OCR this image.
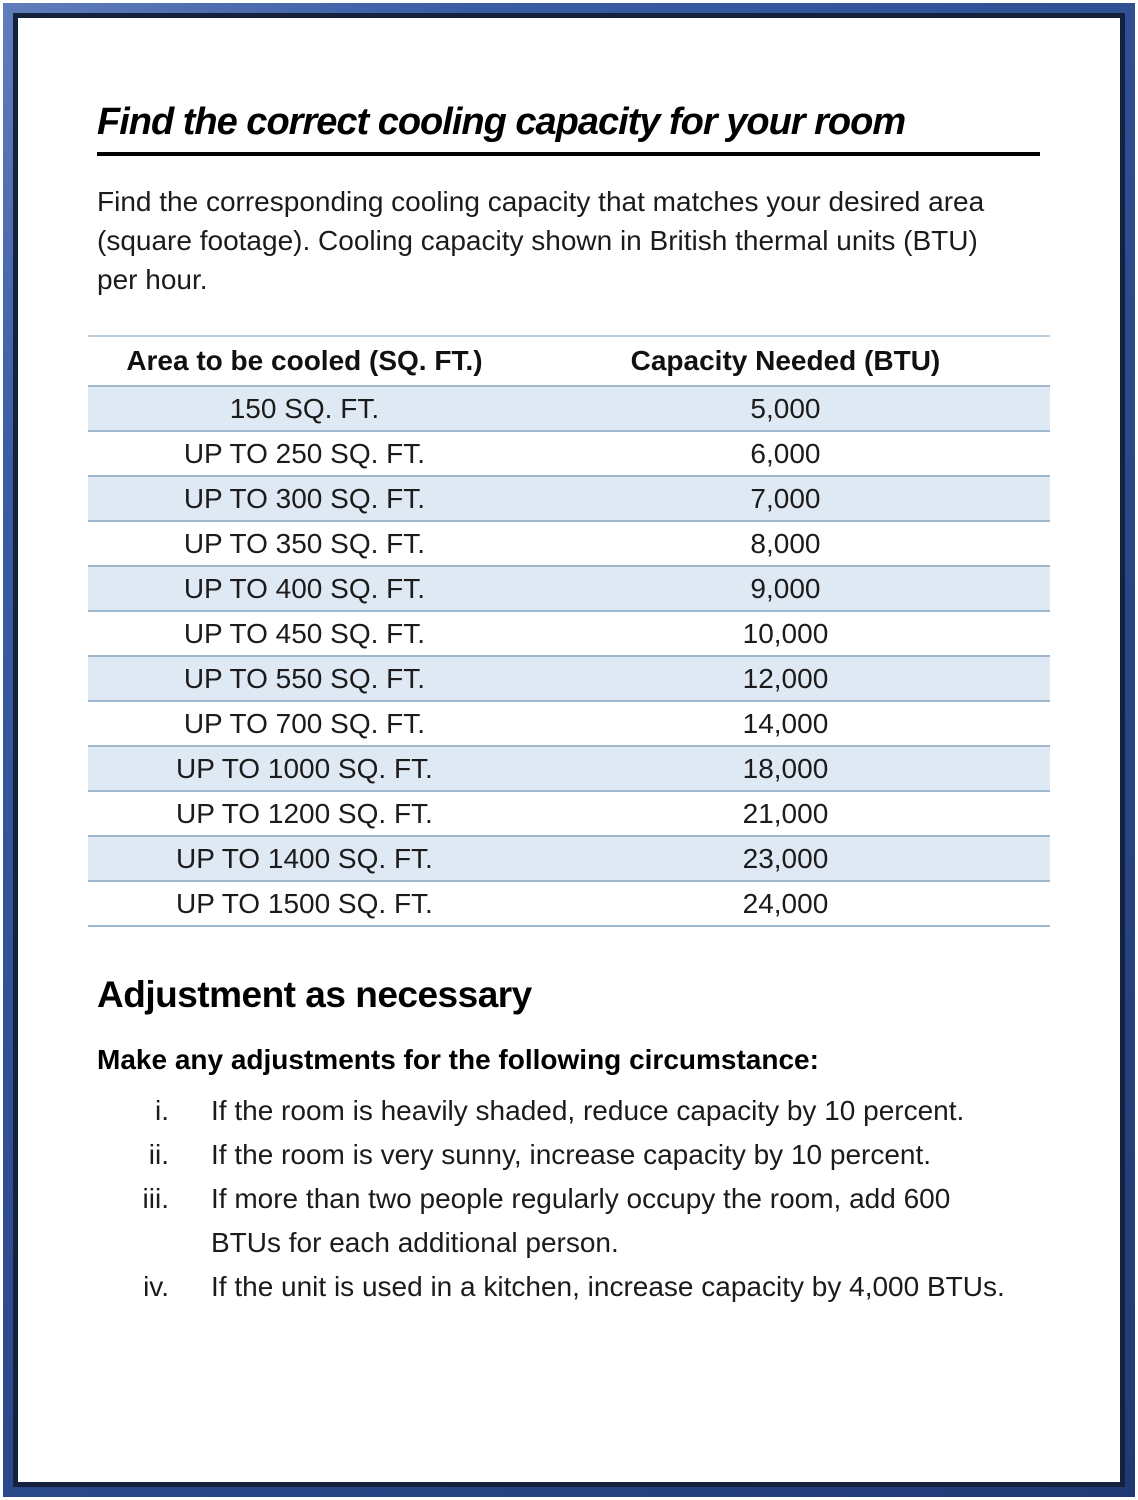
Find the correct cooling capacity for your room

Find the corresponding cooling capacity that matches your desired area (square footage). Cooling capacity shown in British thermal units (BTU) per hour.

Area to be cooled (SQ. FT.)	Capacity Needed (BTU)
150 SQ. FT.	5,000
UP TO 250 SQ. FT.	6,000
UP TO 300 SQ. FT.	7,000
UP TO 350 SQ. FT.	8,000
UP TO 400 SQ. FT.	9,000
UP TO 450 SQ. FT.	10,000
UP TO 550 SQ. FT.	12,000
UP TO 700 SQ. FT.	14,000
UP TO 1000 SQ. FT.	18,000
UP TO 1200 SQ. FT.	21,000
UP TO 1400 SQ. FT.	23,000
UP TO 1500 SQ. FT.	24,000
Adjustment as necessary

Make any adjustments for the following circumstance:

i. If the room is heavily shaded, reduce capacity by 10 percent.
ii. If the room is very sunny, increase capacity by 10 percent.
iii. If more than two people regularly occupy the room, add 600 BTUs for each additional person.
iv. If the unit is used in a kitchen, increase capacity by 4,000 BTUs.
